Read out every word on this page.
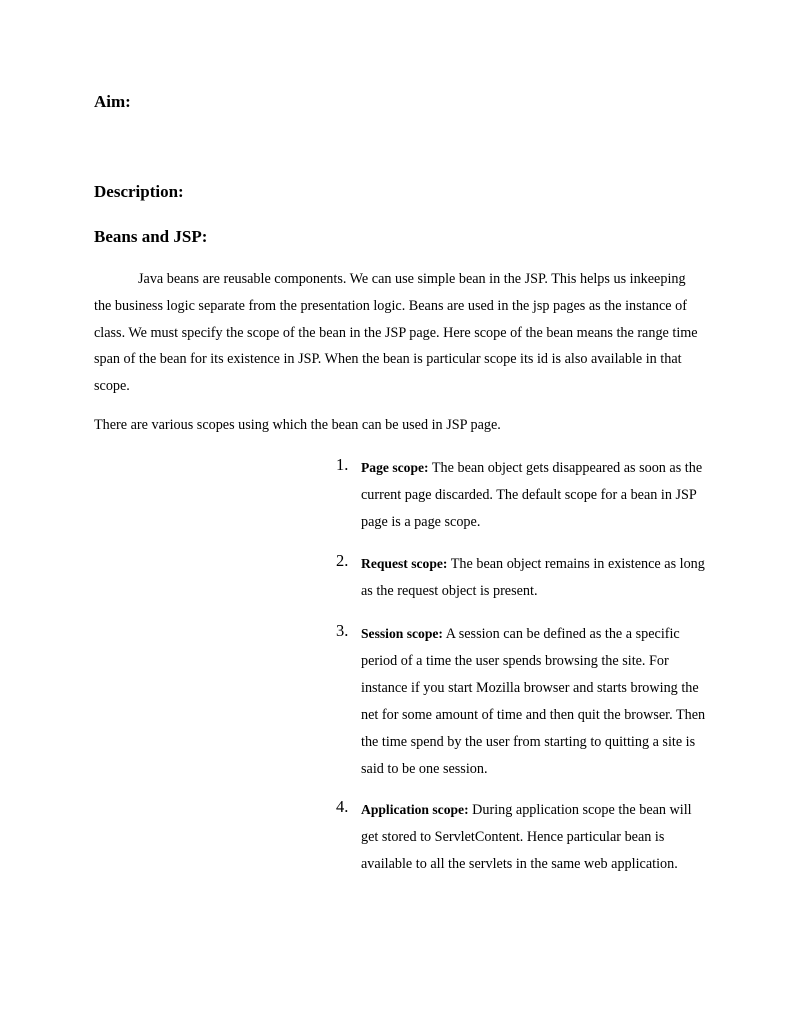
Aim:
Description:
Beans and JSP:

Java beans are reusable components. We can use simple bean in the JSP. This helps us inkeeping the business logic separate from the presentation logic. Beans are used in the jsp pages as the instance of class. We must specify the scope of the bean in the JSP page. Here scope of the bean means the range time span of the bean for its existence in JSP. When the bean is particular scope its id is also available in that scope.

There are various scopes using which the bean can be used in JSP page.

1. Page scope: The bean object gets disappeared as soon as the current page discarded. The default scope for a bean in JSP page is a page scope.
2. Request scope: The bean object remains in existence as long as the request object is present.
3. Session scope: A session can be defined as the a specific period of a time the user spends browsing the site. For instance if you start Mozilla browser and starts browing the net for some amount of time and then quit the browser. Then the time spend by the user from starting to quitting a site is said to be one session.
4. Application scope: During application scope the bean will get stored to ServletContent. Hence particular bean is available to all the servlets in the same web application.
